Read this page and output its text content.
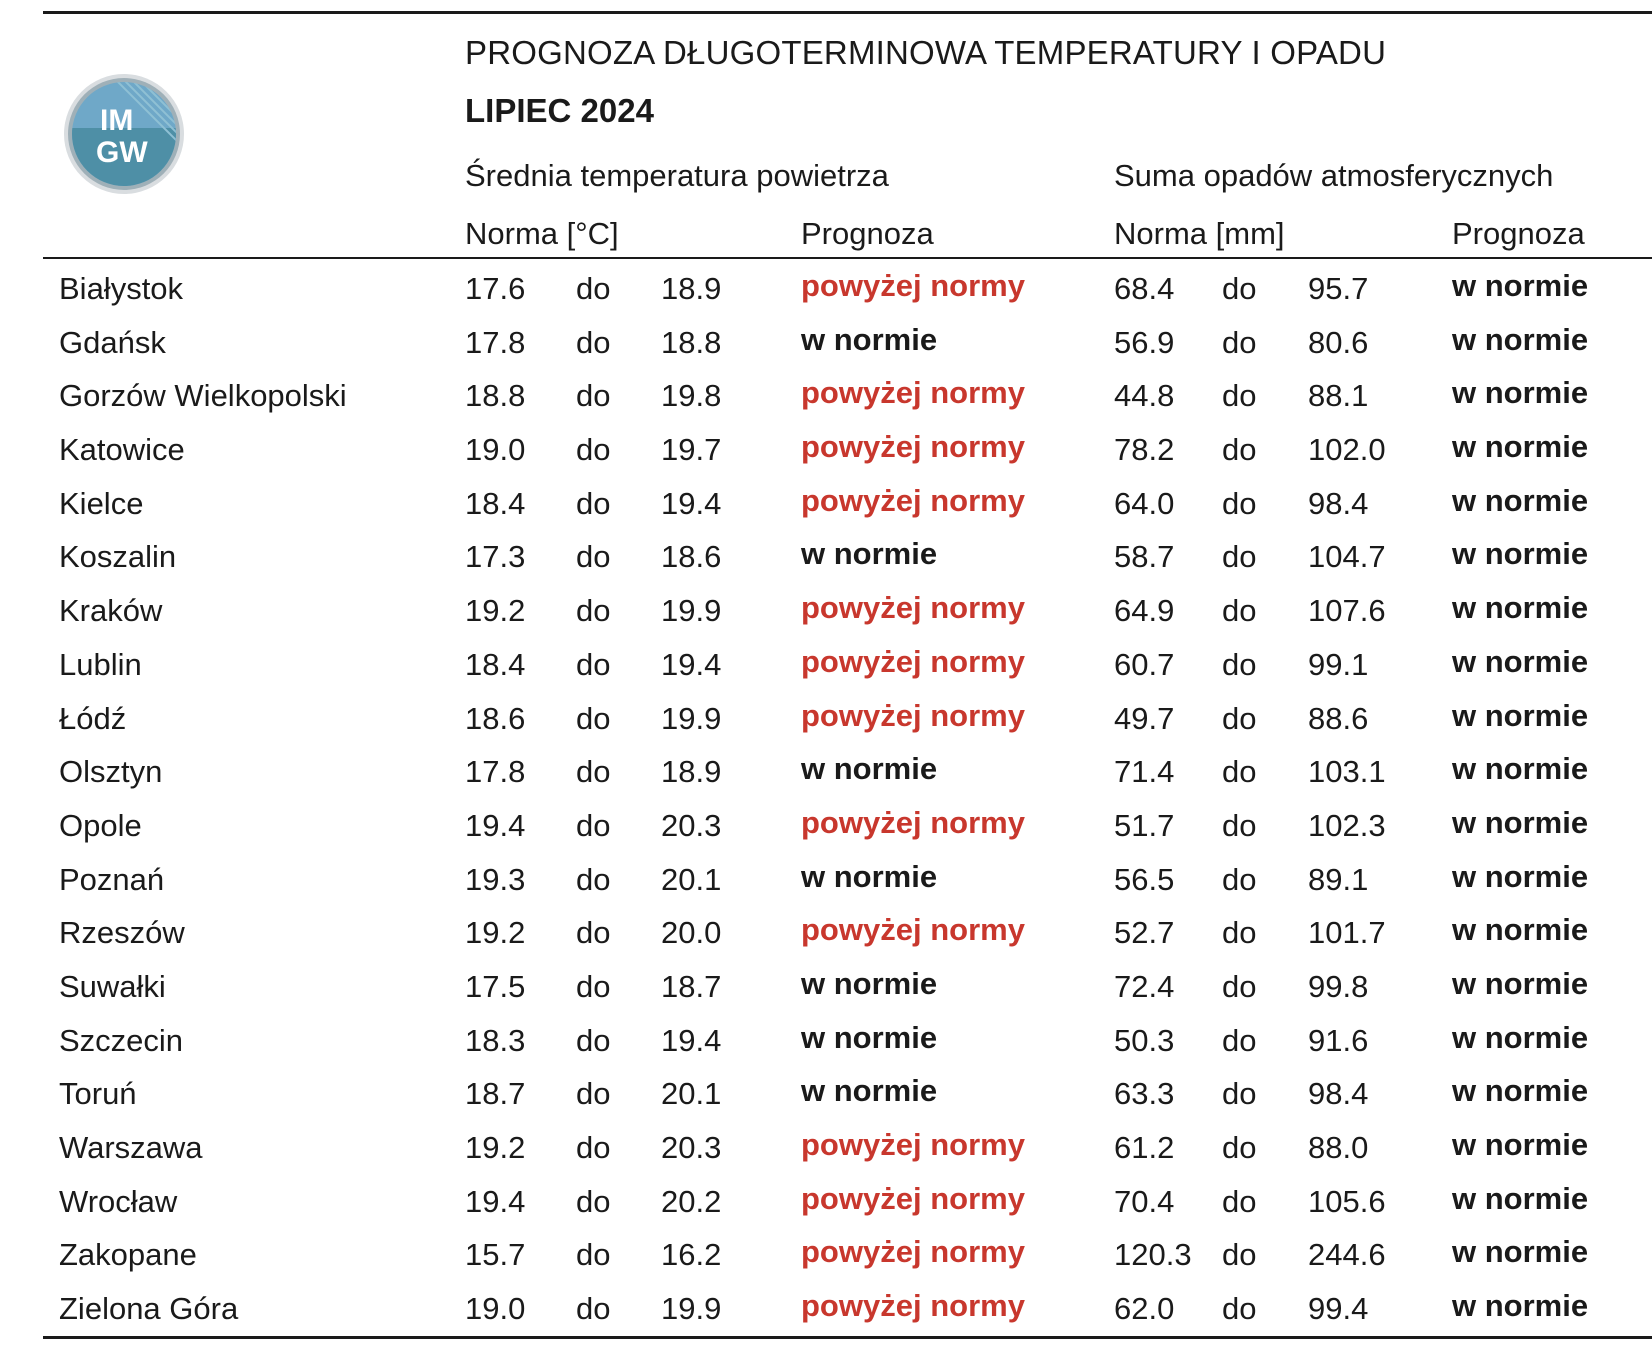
IM
GW
PROGNOZA DŁUGOTERMINOWA TEMPERATURY I OPADU
LIPIEC 2024
Średnia temperatura powietrza	Suma opadów atmosferycznych
Norma [°C]	Prognoza	Norma [mm]	Prognoza
Białystok	17.6 do 18.9	powyżej normy	68.4 do 95.7	w normie
Gdańsk	17.8 do 18.8	w normie	56.9 do 80.6	w normie
Gorzów Wielkopolski	18.8 do 19.8	powyżej normy	44.8 do 88.1	w normie
Katowice	19.0 do 19.7	powyżej normy	78.2 do 102.0 w normie
Kielce	18.4 do 19.4	powyżej normy	64.0 do 98.4	w normie
Koszalin	17.3 do 18.6	w normie	58.7 do 104.7 w normie
Kraków	19.2 do 19.9	powyżej normy	64.9 do 107.6 w normie
Lublin	18.4 do 19.4	powyżej normy	60.7 do 99.1	w normie
Łódź	18.6 do 19.9	powyżej normy	49.7 do 88.6	w normie
Olsztyn	17.8 do 18.9	w normie	71.4 do 103.1 w normie
Opole	19.4 do 20.3	powyżej normy	51.7 do 102.3 w normie
Poznań	19.3 do 20.1	w normie	56.5 do 89.1	w normie
Rzeszów	19.2 do 20.0	powyżej normy	52.7 do 101.7 w normie
Suwałki	17.5 do 18.7	w normie	72.4 do 99.8	w normie
Szczecin	18.3 do 19.4	w normie	50.3 do 91.6	w normie
Toruń	18.7 do 20.1	w normie	63.3 do 98.4	w normie
Warszawa	19.2 do 20.3	powyżej normy	61.2 do 88.0	w normie
Wrocław	19.4 do 20.2	powyżej normy	70.4 do 105.6 w normie
Zakopane	15.7 do 16.2	powyżej normy	120.3 do 244.6 w normie
Zielona Góra	19.0 do 19.9	powyżej normy	62.0 do 99.4	w normie
